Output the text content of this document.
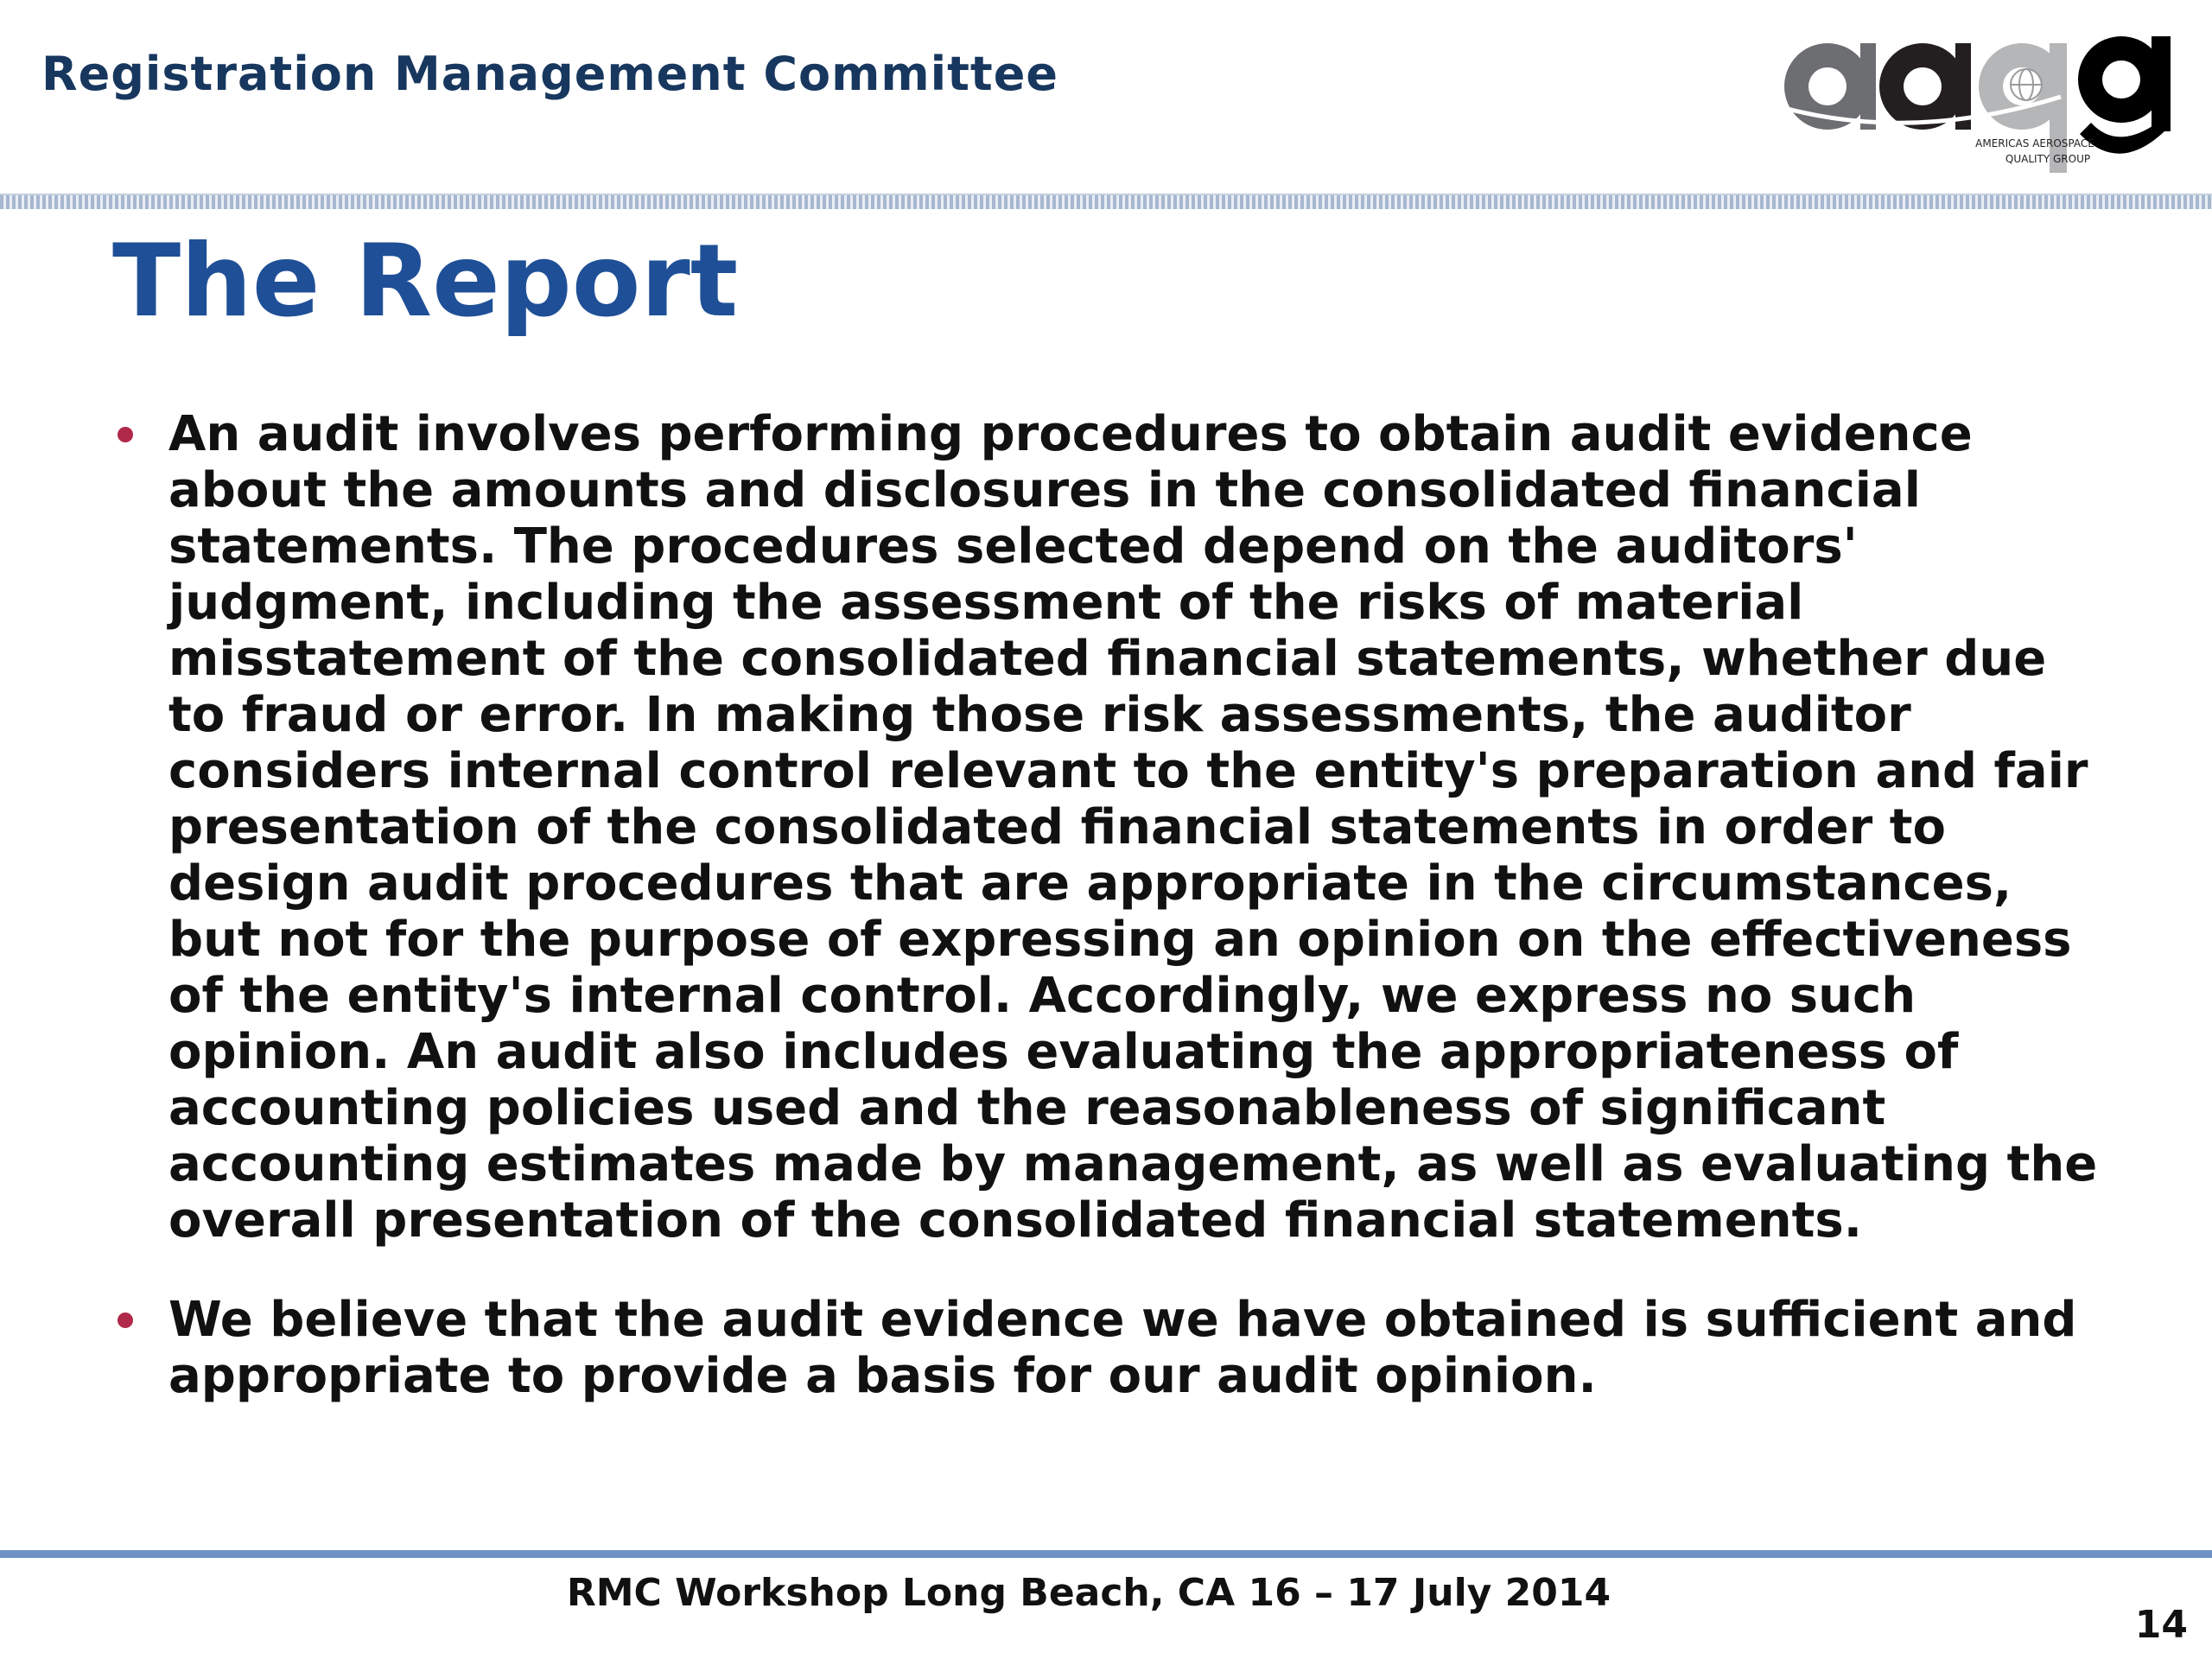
Registration Management Committee
AMERICAS AEROSPACE
QUALITY GROUP
The Report
An audit involves performing procedures to obtain audit evidence about the amounts and disclosures in the consolidated financial statements. The procedures selected depend on the auditors' judgment, including the assessment of the risks of material misstatement of the consolidated financial statements, whether due to fraud or error. In making those risk assessments, the auditor considers internal control relevant to the entity's preparation and fair presentation of the consolidated financial statements in order to design audit procedures that are appropriate in the circumstances, but not for the purpose of expressing an opinion on the effectiveness of the entity's internal control. Accordingly, we express no such opinion. An audit also includes evaluating the appropriateness of accounting policies used and the reasonableness of significant accounting estimates made by management, as well as evaluating the overall presentation of the consolidated financial statements.
We believe that the audit evidence we have obtained is sufficient and appropriate to provide a basis for our audit opinion.
RMC Workshop Long Beach, CA 16 – 17 July 2014
14
